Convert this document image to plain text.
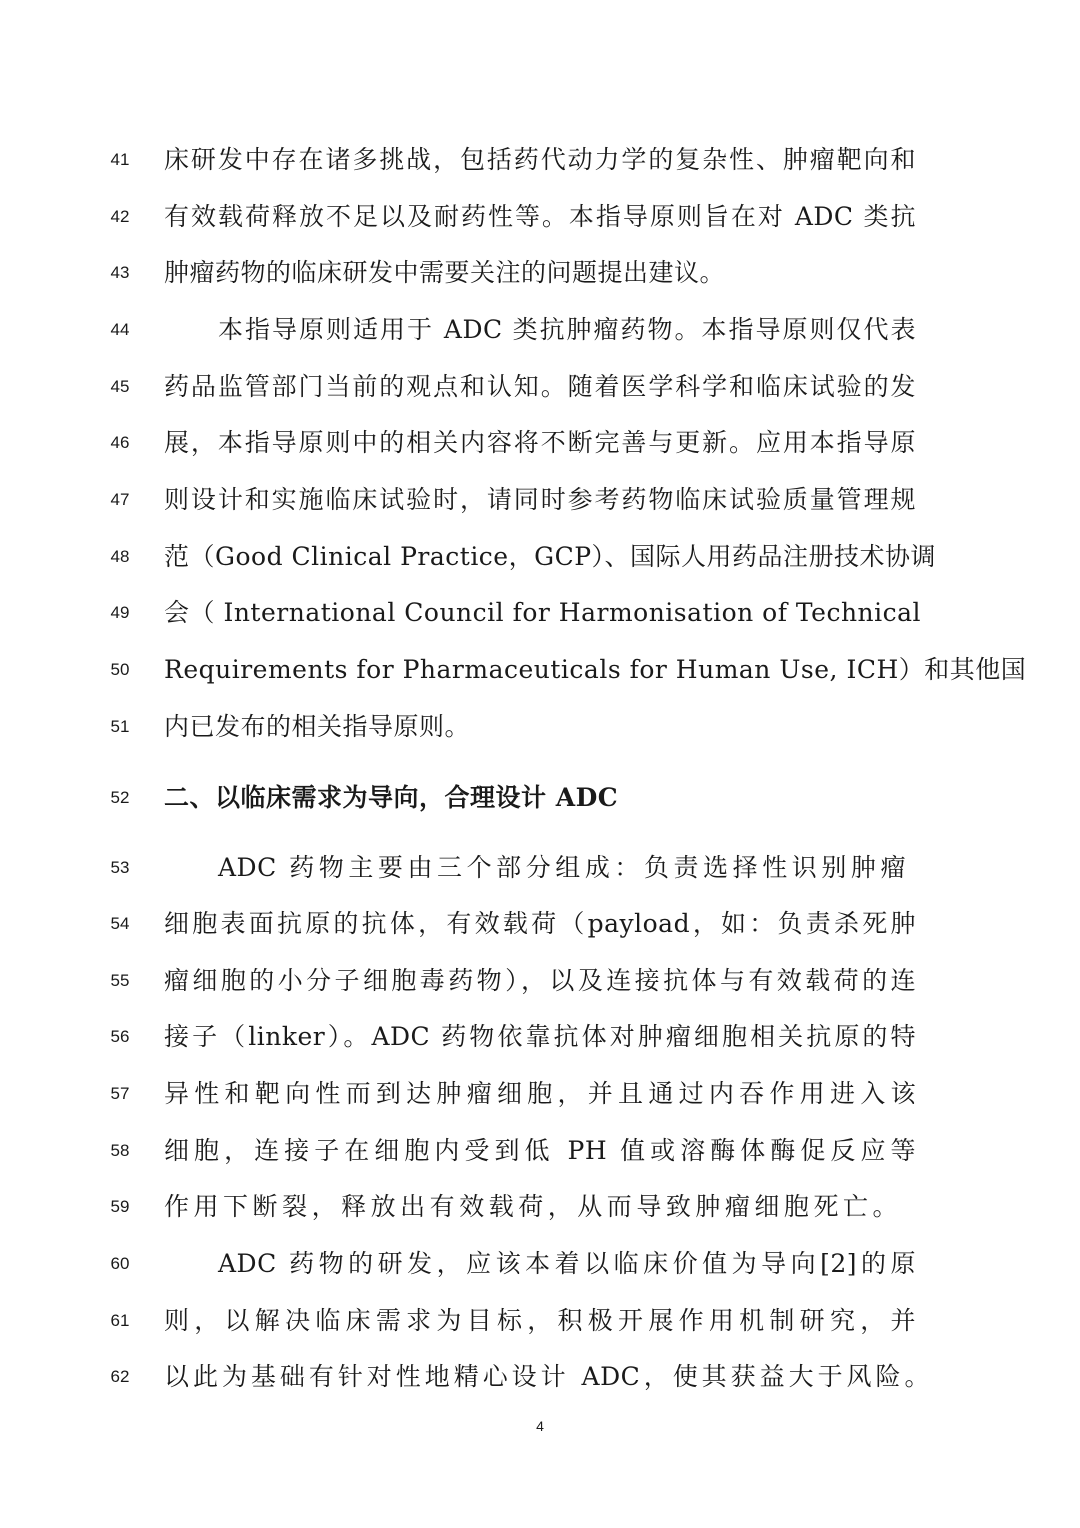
41	床研发中存在诸多挑战，包括药代动力学的复杂性、肿瘤靶向和
42	有效载荷释放不足以及耐药性等。本指导原则旨在对 ADC 类抗
43	肿瘤药物的临床研发中需要关注的问题提出建议。
44	本指导原则适用于 ADC 类抗肿瘤药物。本指导原则仅代表
45	药品监管部门当前的观点和认知。随着医学科学和临床试验的发
46	展，本指导原则中的相关内容将不断完善与更新。应用本指导原
47	则设计和实施临床试验时，请同时参考药物临床试验质量管理规
48	范（Good Clinical Practice，GCP）、国际人用药品注册技术协调
49	会（ International Council for Harmonisation of Technical
50	Requirements for Pharmaceuticals for Human Use, ICH）和其他国
51	内已发布的相关指导原则。
52	二、以临床需求为导向，合理设计 ADC
53	ADC 药物主要由三个部分组成：负责选择性识别肿瘤
54	细胞表面抗原的抗体，有效载荷（payload，如：负责杀死肿
55	瘤细胞的小分子细胞毒药物），以及连接抗体与有效载荷的连
56	接子（linker）。ADC 药物依靠抗体对肿瘤细胞相关抗原的特
57	异性和靶向性而到达肿瘤细胞，并且通过内吞作用进入该
58	细胞，连接子在细胞内受到低 PH 值或溶酶体酶促反应等
59	作用下断裂，释放出有效载荷，从而导致肿瘤细胞死亡。
60	ADC 药物的研发，应该本着以临床价值为导向[2]的原
61	则，以解决临床需求为目标，积极开展作用机制研究，并
62	以此为基础有针对性地精心设计 ADC，使其获益大于风险。
4
